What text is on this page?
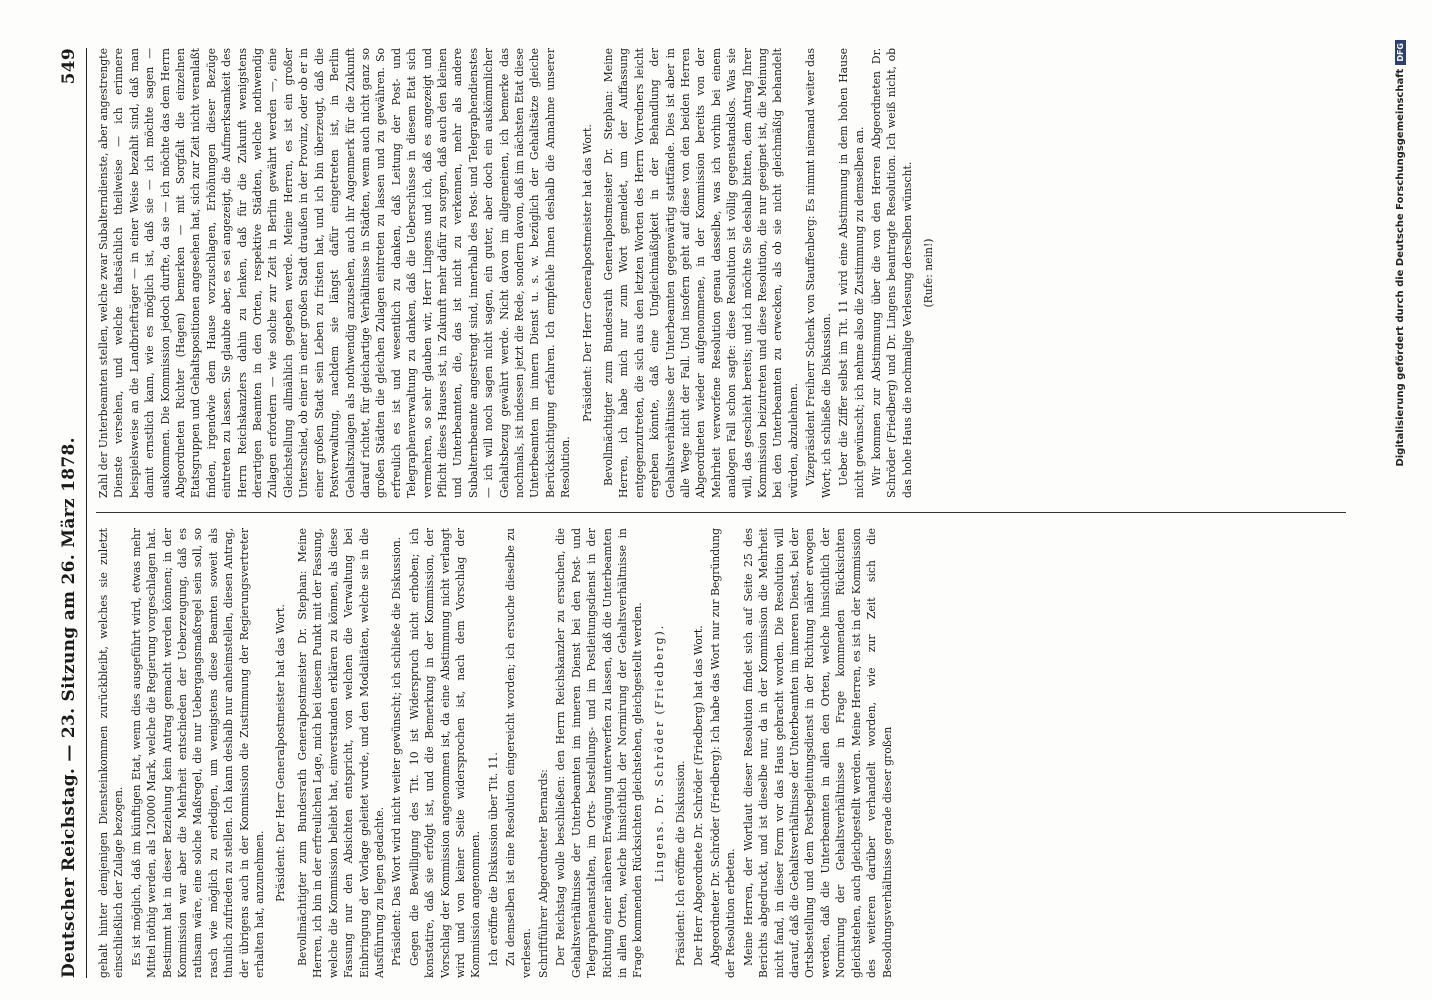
Deutscher Reichstag. — 23. Sitzung am 26. März 1878.
549

gehalt hinter demjenigen Diensteinkommen zurückbleibt, welches sie zuletzt einschließlich der Zulage bezogen. Es ist möglich, daß im künftigen Etat, wenn dies ausgeführt wird, etwas mehr Mittel nöthig werden, als 120000 Mark, welche die Regierung vorgeschlagen hat. Bestimmt hat in dieser Beziehung kein Antrag gemacht werden können; in der Kommission war aber die Mehrheit entschieden der Ueberzeugung, daß es rathsam wäre, eine solche Maßregel, die nur Uebergangsmaßregel sein soll, so rasch wie möglich zu erledigen, um wenigstens diese Beamten soweit als thunlich zufrieden zu stellen. Ich kann deshalb nur anheimstellen, diesen Antrag, der übrigens auch in der Kommission die Zustimmung der Regierungsvertreter erhalten hat, anzunehmen.

Präsident: Der Herr Generalpostmeister hat das Wort. Bevollmächtigter zum Bundesrath Generalpostmeister Dr. Stephan: Meine Herren, ich bin in der erfreulichen Lage, mich bei diesem Punkt mit der Fassung, welche die Kommission beliebt hat, einverstanden erklären zu können, als diese Fassung nur den Absichten entspricht, von welchen die Verwaltung bei Einbringung der Vorlage geleitet wurde, und den Modalitäten, welche sie in die Ausführung zu legen gedachte. Präsident: Das Wort wird nicht weiter gewünscht; ich schließe die Diskussion. Gegen die Bewilligung des Tit. 10 ist Widerspruch nicht erhoben; ich konstatire, daß sie erfolgt ist, und die Bemerkung in der Kommission, der Vorschlag der Kommission angenommen ist, da eine Abstimmung nicht verlangt wird und von keiner Seite widersprochen ist, nach dem Vorschlag der Kommission angenommen. Ich eröffne die Diskussion über Tit. 11. Zu demselben ist eine Resolution eingereicht worden; ich ersuche dieselbe zu verlesen. Schriftführer Abgeordneter Bernards: Der Reichstag wolle beschließen: den Herrn Reichskanzler zu ersuchen, die Gehaltsverhältnisse der Unterbeamten im inneren Dienst bei den Post- und Telegraphenanstalten, im Orts- bestellungs- und im Postleitungsdienst in der Richtung einer näheren Erwägung unterwerfen zu lassen, daß die Unterbeamten in allen Orten, welche hinsichtlich der Normirung der Gehaltsverhältnisse in Frage kommenden Rücksichten gleichstehen, gleichgestellt werden. Lingens. Dr. Schröder (Friedberg). Präsident: Ich eröffne die Diskussion. Der Herr Abgeordnete Dr. Schröder (Friedberg) hat das Wort. Abgeordneter Dr. Schröder (Friedberg): Ich habe das Wort nur zur Begründung der Resolution erbeten. Meine Herren, der Wortlaut dieser Resolution findet sich auf Seite 25 des Berichts abgedruckt, und ist dieselbe nur, da in der Kommission die Mehrheit nicht fand, in dieser Form vor das Haus gebracht worden. Die Resolution will darauf, daß die Gehaltsverhältnisse der Unterbeamten im inneren Dienst, bei der Ortsbestellung und dem Postbegleitungsdienst in der Richtung näher erwogen werden, daß die Unterbeamten in allen den Orten, welche hinsichtlich der Normirung der Gehaltsverhältnisse in Frage kommenden Rücksichten gleichstehen, auch gleichgestellt werden. Meine Herren, es ist in der Kommission des weiteren darüber verhandelt worden, wie zur Zeit sich die Besoldungsverhältnisse gerade dieser großen

Zahl der Unterbeamten stellen, welche zwar Subalterndienste, aber angestrengte Dienste versehen, und welche thatsächlich theilweise — ich erinnere beispielsweise an die Landbriefträger — in einer Weise bezahlt sind, daß man damit ernstlich kann, wie es möglich ist, daß sie — ich möchte sagen — auskommen. Die Kommission jedoch durfte, da sie — ich möchte das dem Herrn Abgeordneten Richter (Hagen) bemerken — mit Sorgfalt die einzelnen Etatsgruppen und Gehaltspositionen angesehen hat, sich zur Zeit nicht veranlaßt finden, irgendwie dem Hause vorzuschlagen, Erhöhungen dieser Bezüge eintreten zu lassen. Sie glaubte aber, es sei angezeigt, die Aufmerksamkeit des Herrn Reichskanzlers dahin zu lenken, daß für die Zukunft wenigstens derartigen Beamten in den Orten, respektive Städten, welche nothwendig Zulagen erfordern — wie solche zur Zeit in Berlin gewährt werden —, eine Gleichstellung allmählich gegeben werde. Meine Herren, es ist ein großer Unterschied, ob einer in einer großen Stadt draußen in der Provinz, oder ob er in einer großen Stadt sein Leben zu fristen hat, und ich bin überzeugt, daß die Postverwaltung, nachdem sie längst dafür eingetreten ist, in Berlin Gehaltszulagen als nothwendig anzusehen, auch ihr Augenmerk für die Zukunft darauf richtet, für gleichartige Verhältnisse in Städten, wenn auch nicht ganz so großen Städten die gleichen Zulagen eintreten zu lassen und zu gewähren. So erfreulich es ist und wesentlich zu danken, daß Leitung der Post- und Telegraphenverwaltung zu danken, daß die Ueberschüsse in diesem Etat sich vermehren, so sehr glauben wir, Herr Lingens und ich, daß es angezeigt und Pflicht dieses Hauses ist, in Zukunft mehr dafür zu sorgen, daß auch den kleinen und Unterbeamten, die, das ist nicht zu verkennen, mehr als andere Subalternbeamte angestrengt sind, innerhalb des Post- und Telegraphendienstes — ich will noch sagen nicht sagen, ein guter, aber doch ein auskömmlicher Gehaltsbezug gewährt werde. Nicht davon im allgemeinen, ich bemerke das nochmals, ist indessen jetzt die Rede, sondern davon, daß im nächsten Etat diese Unterbeamten im innern Dienst u. s. w. bezüglich der Gehaltsätze gleiche Berücksichtigung erfahren. Ich empfehle Ihnen deshalb die Annahme unserer Resolution.

Präsident: Der Herr Generalpostmeister hat das Wort. Bevollmächtigter zum Bundesrath Generalpostmeister Dr. Stephan: Meine Herren, ich habe mich nur zum Wort gemeldet, um der Auffassung entgegenzutreten, die sich aus den letzten Worten des Herrn Vorredners leicht ergeben könnte, daß eine Ungleichmäßigkeit in der Behandlung der Gehaltsverhältnisse der Unterbeamten gegenwärtig stattfände. Dies ist aber in alle Wege nicht der Fall. Und insofern geht auf diese von den beiden Herren Abgeordneten wieder aufgenommene, in der Kommission bereits von der Mehrheit verworfene Resolution genau dasselbe, was ich vorhin bei einem analogen Fall schon sagte: diese Resolution ist völlig gegenstandslos. Was sie will, das geschieht bereits; und ich möchte Sie deshalb bitten, dem Antrag Ihrer Kommission beizutreten und diese Resolution, die nur geeignet ist, die Meinung bei den Unterbeamten zu erwecken, als ob sie nicht gleichmäßig behandelt würden, abzulehnen. Vizepräsident Freiherr Schenk von Stauffenberg: Es nimmt niemand weiter das Wort; ich schließe die Diskussion. Ueber die Ziffer selbst im Tit. 11 wird eine Abstimmung in dem hohen Hause nicht gewünscht; ich nehme also die Zustimmung zu demselben an. Wir kommen zur Abstimmung über die von den Herren Abgeordneten Dr. Schröder (Friedberg) und Dr. Lingens beantragte Resolution. Ich weiß nicht, ob das hohe Haus die nochmalige Verlesung derselben wünscht. (Rufe: nein!)	Digitalisierung gefördert durch die Deutsche ForschungsgemeinschaftDFG
